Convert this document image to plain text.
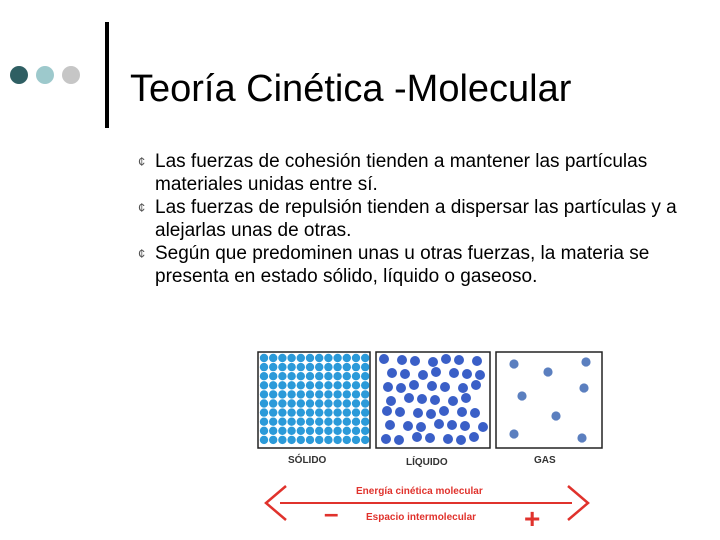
Teoría Cinética -Molecular
¢ Las fuerzas de cohesión tienden a mantener las partículas materiales unidas entre sí.
¢ Las fuerzas de repulsión tienden a dispersar las partículas y a alejarlas unas de otras.
¢ Según que predominen unas u otras fuerzas, la materia se presenta en estado sólido, líquido o gaseoso.
SÓLIDO	LÍQUIDO	GAS
Energía cinética molecular
Espacio intermolecular
–	+
